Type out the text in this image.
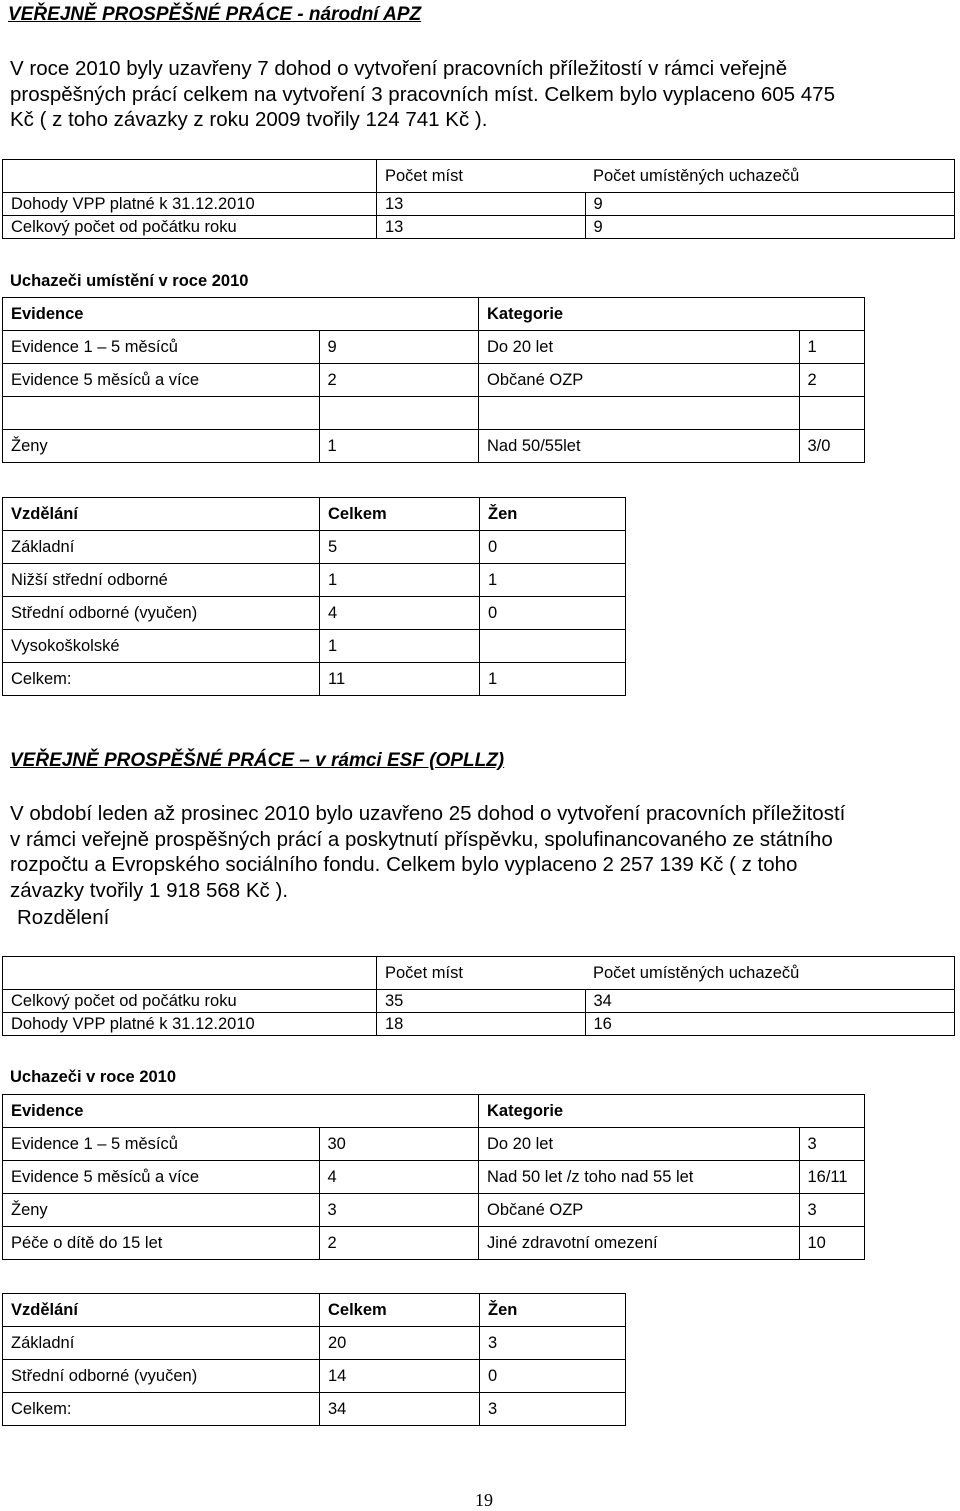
VEŘEJNĚ PROSPĚŠNÉ PRÁCE - národní APZ
V roce 2010 byly uzavřeny 7 dohod o vytvoření pracovních příležitostí v rámci veřejně
prospěšných prácí celkem na vytvoření 3 pracovních míst. Celkem bylo vyplaceno 605 475
Kč ( z toho závazky z roku 2009 tvořily 124 741 Kč ).
	Počet míst	Počet umístěných uchazečů
Dohody VPP platné k 31.12.2010	13	9
Celkový počet od počátku roku	13	9
Uchazeči umístění v roce 2010
Evidence		Kategorie	
Evidence 1 – 5 měsíců	9	Do 20 let	1
Evidence 5 měsíců a více	2	Občané OZP	2

Ženy	1	Nad 50/55let	3/0
Vzdělání	Celkem	Žen
Základní	5	0
Nižší střední odborné	1	1
Střední odborné (vyučen)	4	0
Vysokoškolské	1	
Celkem:	11	1
VEŘEJNĚ PROSPĚŠNÉ PRÁCE – v rámci ESF (OPLLZ)
V období leden až prosinec 2010 bylo uzavřeno 25 dohod o vytvoření pracovních příležitostí
v rámci veřejně prospěšných prácí a poskytnutí příspěvku, spolufinancovaného ze státního
rozpočtu a Evropského sociálního fondu. Celkem bylo vyplaceno 2 257 139 Kč ( z toho
závazky tvořily 1 918 568 Kč ).
Rozdělení
	Počet míst	Počet umístěných uchazečů
Celkový počet od počátku roku	35	34
Dohody VPP platné k 31.12.2010	18	16
Uchazeči v roce 2010
Evidence		Kategorie	
Evidence 1 – 5 měsíců	30	Do 20 let	3
Evidence 5 měsíců a více	4	Nad 50 let /z toho nad 55 let	16/11
Ženy	3	Občané OZP	3
Péče o dítě do 15 let	2	Jiné zdravotní omezení	10
Vzdělání	Celkem	Žen
Základní	20	3
Střední odborné (vyučen)	14	0
Celkem:	34	3
19
